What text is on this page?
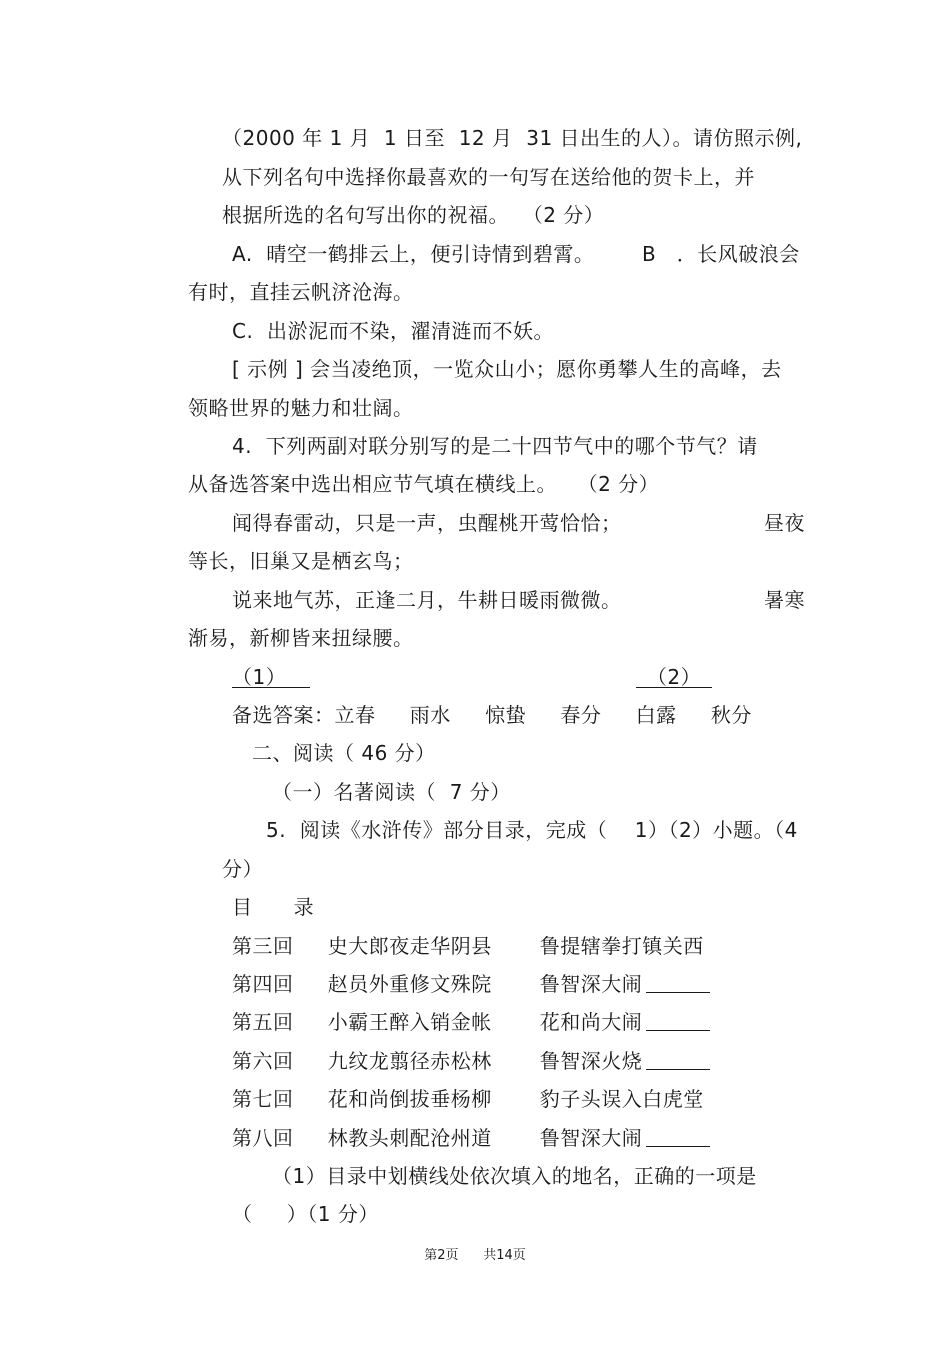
（2000 年 1 月  1 日至  12 月  31 日出生的人）。请仿照示例,
从下列名句中选择你最喜欢的一句写在送给他的贺卡上，并
根据所选的名句写出你的祝福。  （2 分）
A.  晴空一鹤排云上，便引诗情到碧霄。 B   ．长风破浪会
有时，直挂云帆济沧海。
C.  出淤泥而不染，濯清涟而不妖。
[ 示例 ] 会当凌绝顶，一览众山小；愿你勇攀人生的高峰，去
领略世界的魅力和壮阔。
4.  下列两副对联分别写的是二十四节气中的哪个节气？请
从备选答案中选出相应节气填在横线上。   （2 分）
闻得春雷动，只是一声，虫醒桃开莺恰恰；	昼夜
等长，旧巢又是栖玄鸟；
说来地气苏，正逢二月，牛耕日暖雨微微。	暑寒
渐易，新柳皆来扭绿腰。
（1）	（2）
备选答案：立春     雨水     惊蛰     春分     白露     秋分
二、阅读（ 46 分）
（一）名著阅读（  7 分）
5.  阅读《水浒传》部分目录，完成（    1）（2）小题。（4
分）
目      录
第三回     史大郎夜走华阴县       鲁提辖拳打镇关西
第四回     赵员外重修文殊院       鲁智深大闹
第五回     小霸王醉入销金帐       花和尚大闹
第六回     九纹龙翦径赤松林       鲁智深火烧
第七回     花和尚倒拔垂杨柳       豹子头误入白虎堂
第八回     林教头刺配沧州道       鲁智深大闹
（1）目录中划横线处依次填入的地名，正确的一项是
（     ）（1 分）
第2页      共14页
